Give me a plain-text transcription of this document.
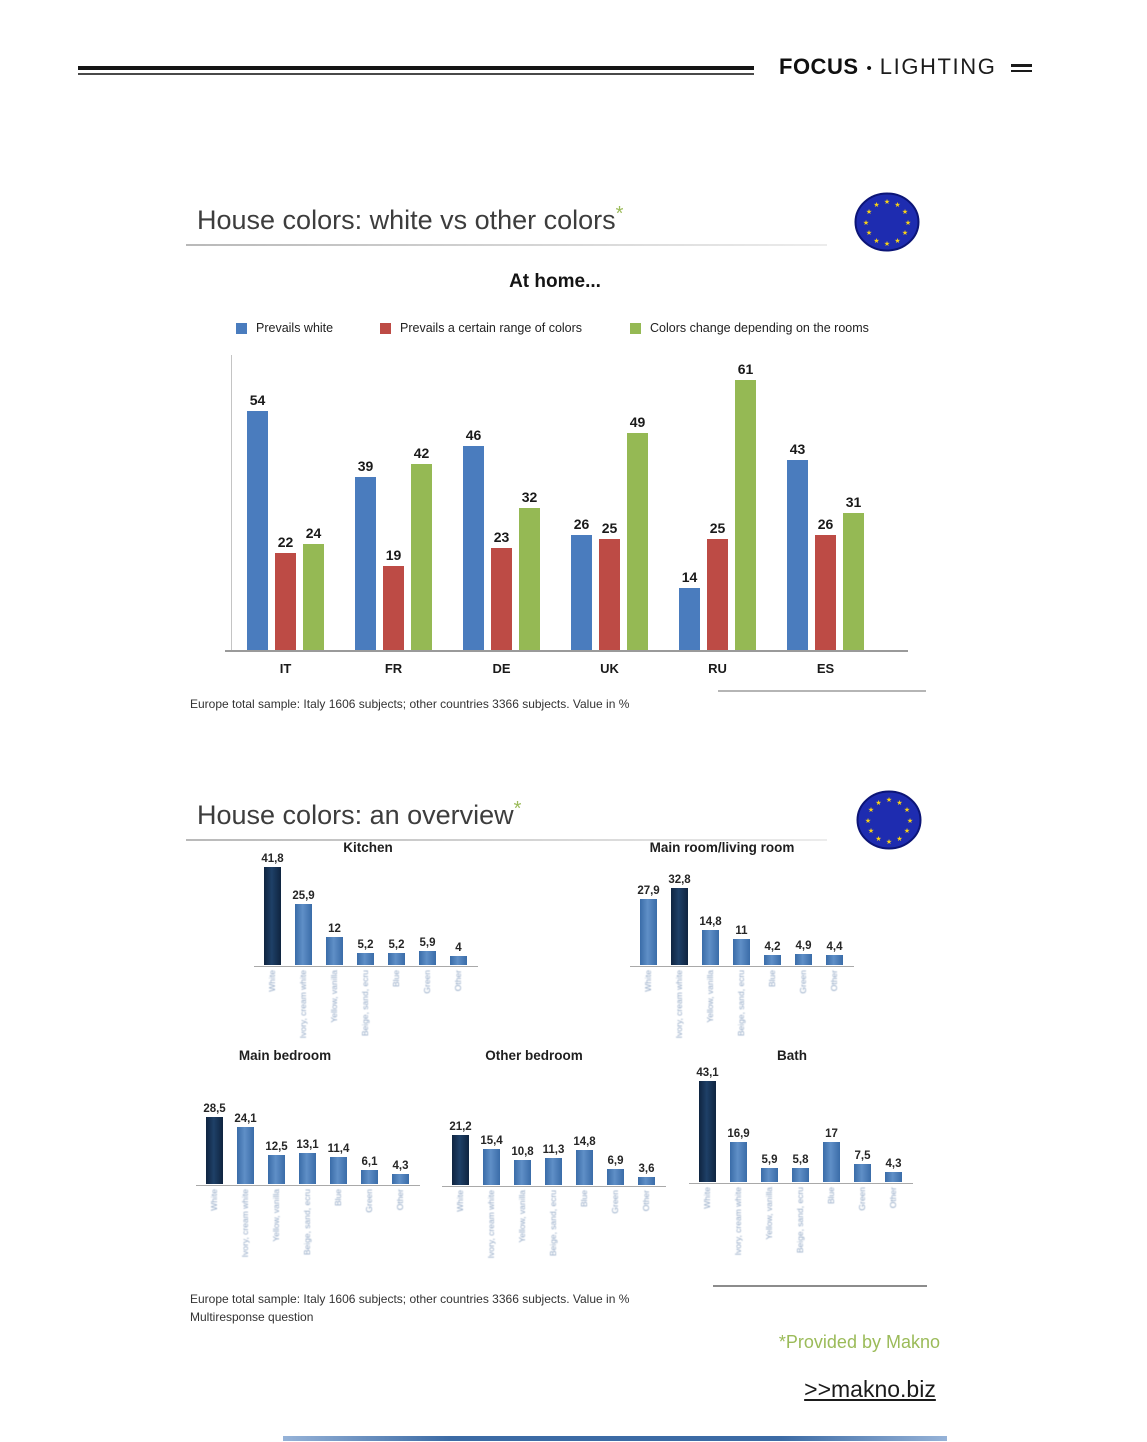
FOCUS • LIGHTING
House colors: white vs other colors*
★ ★
★
★
★
★
★
★
★
★
★
★
At home...
Prevails white	Prevails a certain range of colors	Colors change depending on the rooms
54
22
24
IT
39
19
42
FR
46
23
32
DE
26 25
49
UK
14
25
61
RU
43
26
31
ES
Europe total sample: Italy 1606 subjects; other countries 3366 subjects. Value in %
House colors: an overview*	★ ★
★
★
★
★
★
★
★
★
★
★
Kitchen	Main room/living room
Main bedroom	Other bedroom	Bath
41,8
25,9
12
5,2 5,2 5,9 4
27,9
32,8
14,8
11
4,2 4,9 4,4
28,5
24,1
12,5 13,1 11,4
6,1 4,3
21,2
15,4
10,8 11,3
14,8
6,9
3,6
43,1
16,9
5,9 5,8
17
7,5
4,3
White	Ivory, cream white	Yellow, vanilla	Beige, sand, ecru	Blue	Green	Other	White	Ivory, cream white	Yellow, vanilla	Beige, sand, ecru	Blue	Green	Other
White	Ivory, cream white	Yellow, vanilla	Beige, sand, ecru	Blue	Green	Other	White	Ivory, cream white	Yellow, vanilla	Beige, sand, ecru	Blue	Green	Other	White	Ivory, cream white	Yellow, vanilla	Beige, sand, ecru	Blue	Green	Other
Europe total sample: Italy 1606 subjects; other countries 3366 subjects. Value in %
Multiresponse question
*Provided by Makno
>>makno.biz
